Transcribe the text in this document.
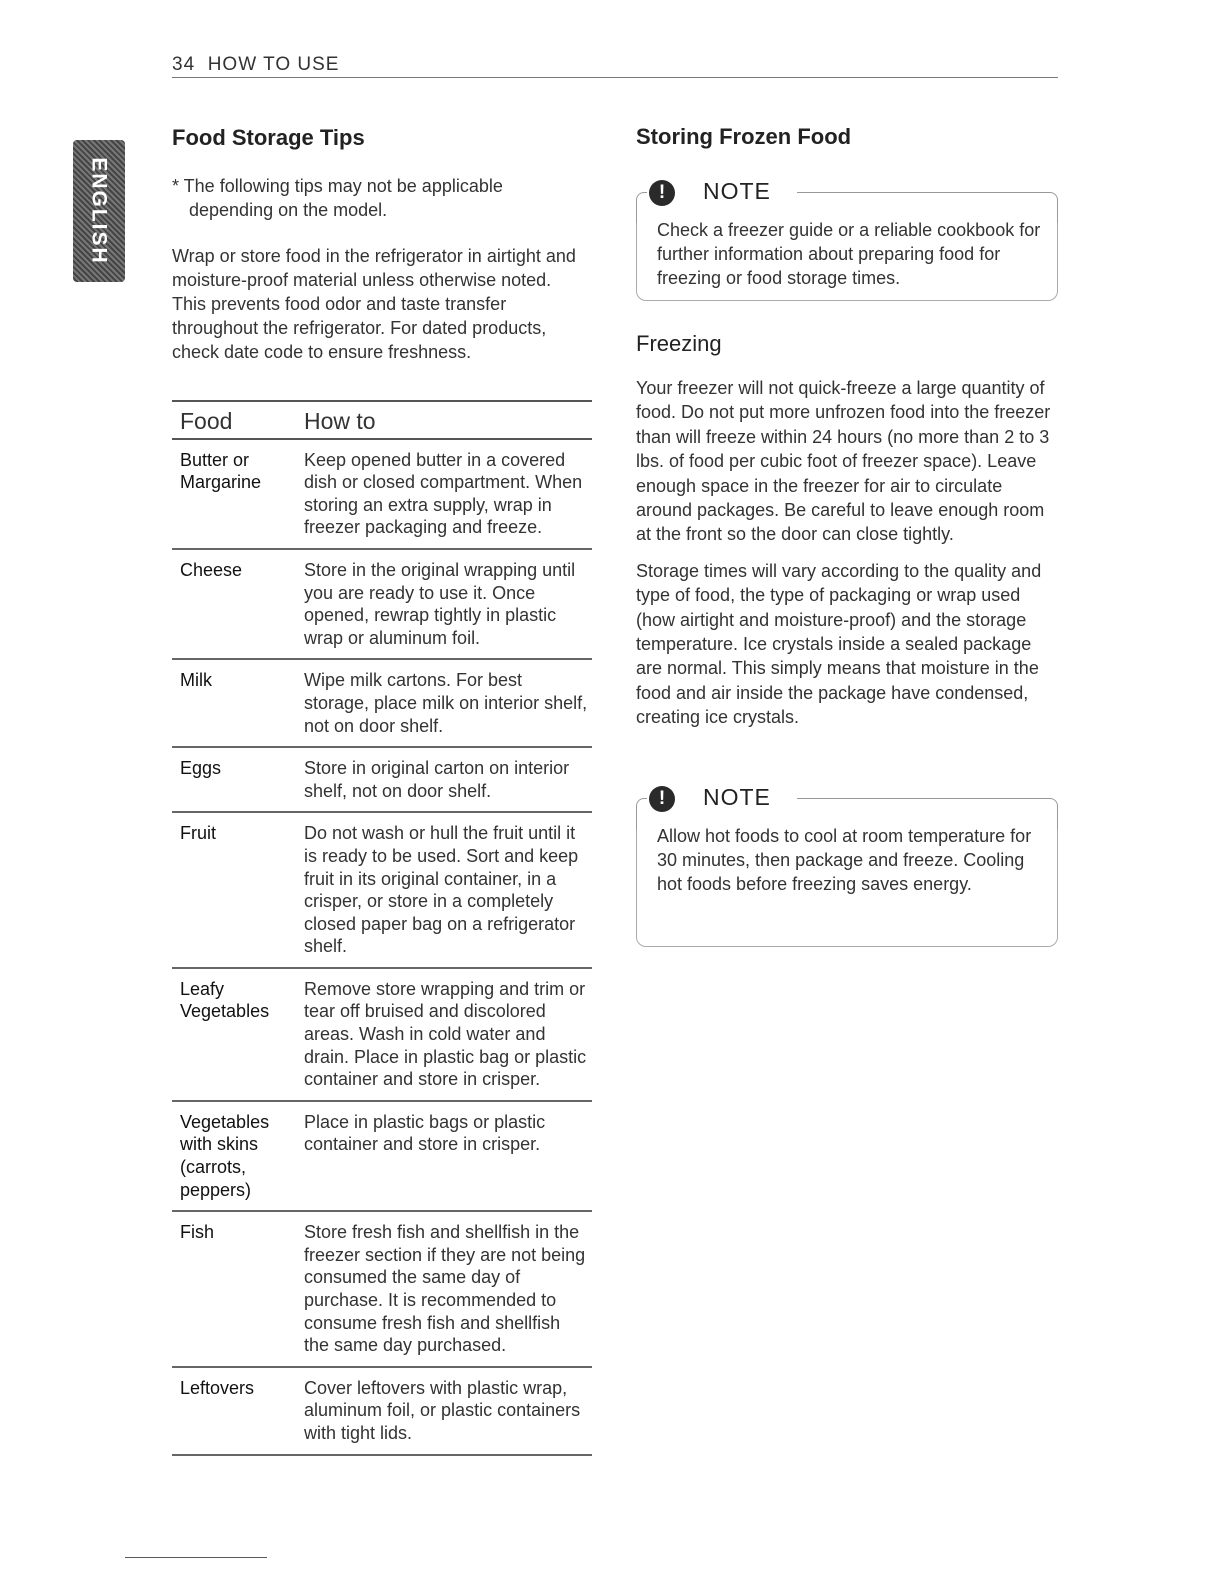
34 HOW TO USE
ENGLISH
Food Storage Tips
* The following tips may not be applicable depending on the model.
Wrap or store food in the refrigerator in airtight and moisture-proof material unless otherwise noted. This prevents food odor and taste transfer throughout the refrigerator. For dated products, check date code to ensure freshness.
Food	How to
Butter or Margarine	Keep opened butter in a covered dish or closed compartment. When storing an extra supply, wrap in freezer packaging and freeze.
Cheese	Store in the original wrapping until you are ready to use it. Once opened, rewrap tightly in plastic wrap or aluminum foil.
Milk	Wipe milk cartons. For best storage, place milk on interior shelf, not on door shelf.
Eggs	Store in original carton on interior shelf, not on door shelf.
Fruit	Do not wash or hull the fruit until it is ready to be used. Sort and keep fruit in its original container, in a crisper, or store in a completely closed paper bag on a refrigerator shelf.
Leafy Vegetables	Remove store wrapping and trim or tear off bruised and discolored areas. Wash in cold water and drain. Place in plastic bag or plastic container and store in crisper.
Vegetables with skins (carrots, peppers)	Place in plastic bags or plastic container and store in crisper.
Fish	Store fresh fish and shellfish in the freezer section if they are not being consumed the same day of purchase. It is recommended to consume fresh fish and shellfish the same day purchased.
Leftovers	Cover leftovers with plastic wrap, aluminum foil, or plastic containers with tight lids.
Storing Frozen Food
!	NOTE
Check a freezer guide or a reliable cookbook for further information about preparing food for freezing or food storage times.
Freezing

Your freezer will not quick-freeze a large quantity of food. Do not put more unfrozen food into the freezer than will freeze within 24 hours (no more than 2 to 3 lbs. of food per cubic foot of freezer space). Leave enough space in the freezer for air to circulate around packages. Be careful to leave enough room at the front so the door can close tightly.

Storage times will vary according to the quality and type of food, the type of packaging or wrap used (how airtight and moisture-proof) and the storage temperature. Ice crystals inside a sealed package are normal. This simply means that moisture in the food and air inside the package have condensed, creating ice crystals.

!	NOTE
Allow hot foods to cool at room temperature for 30 minutes, then package and freeze. Cooling hot foods before freezing saves energy.
